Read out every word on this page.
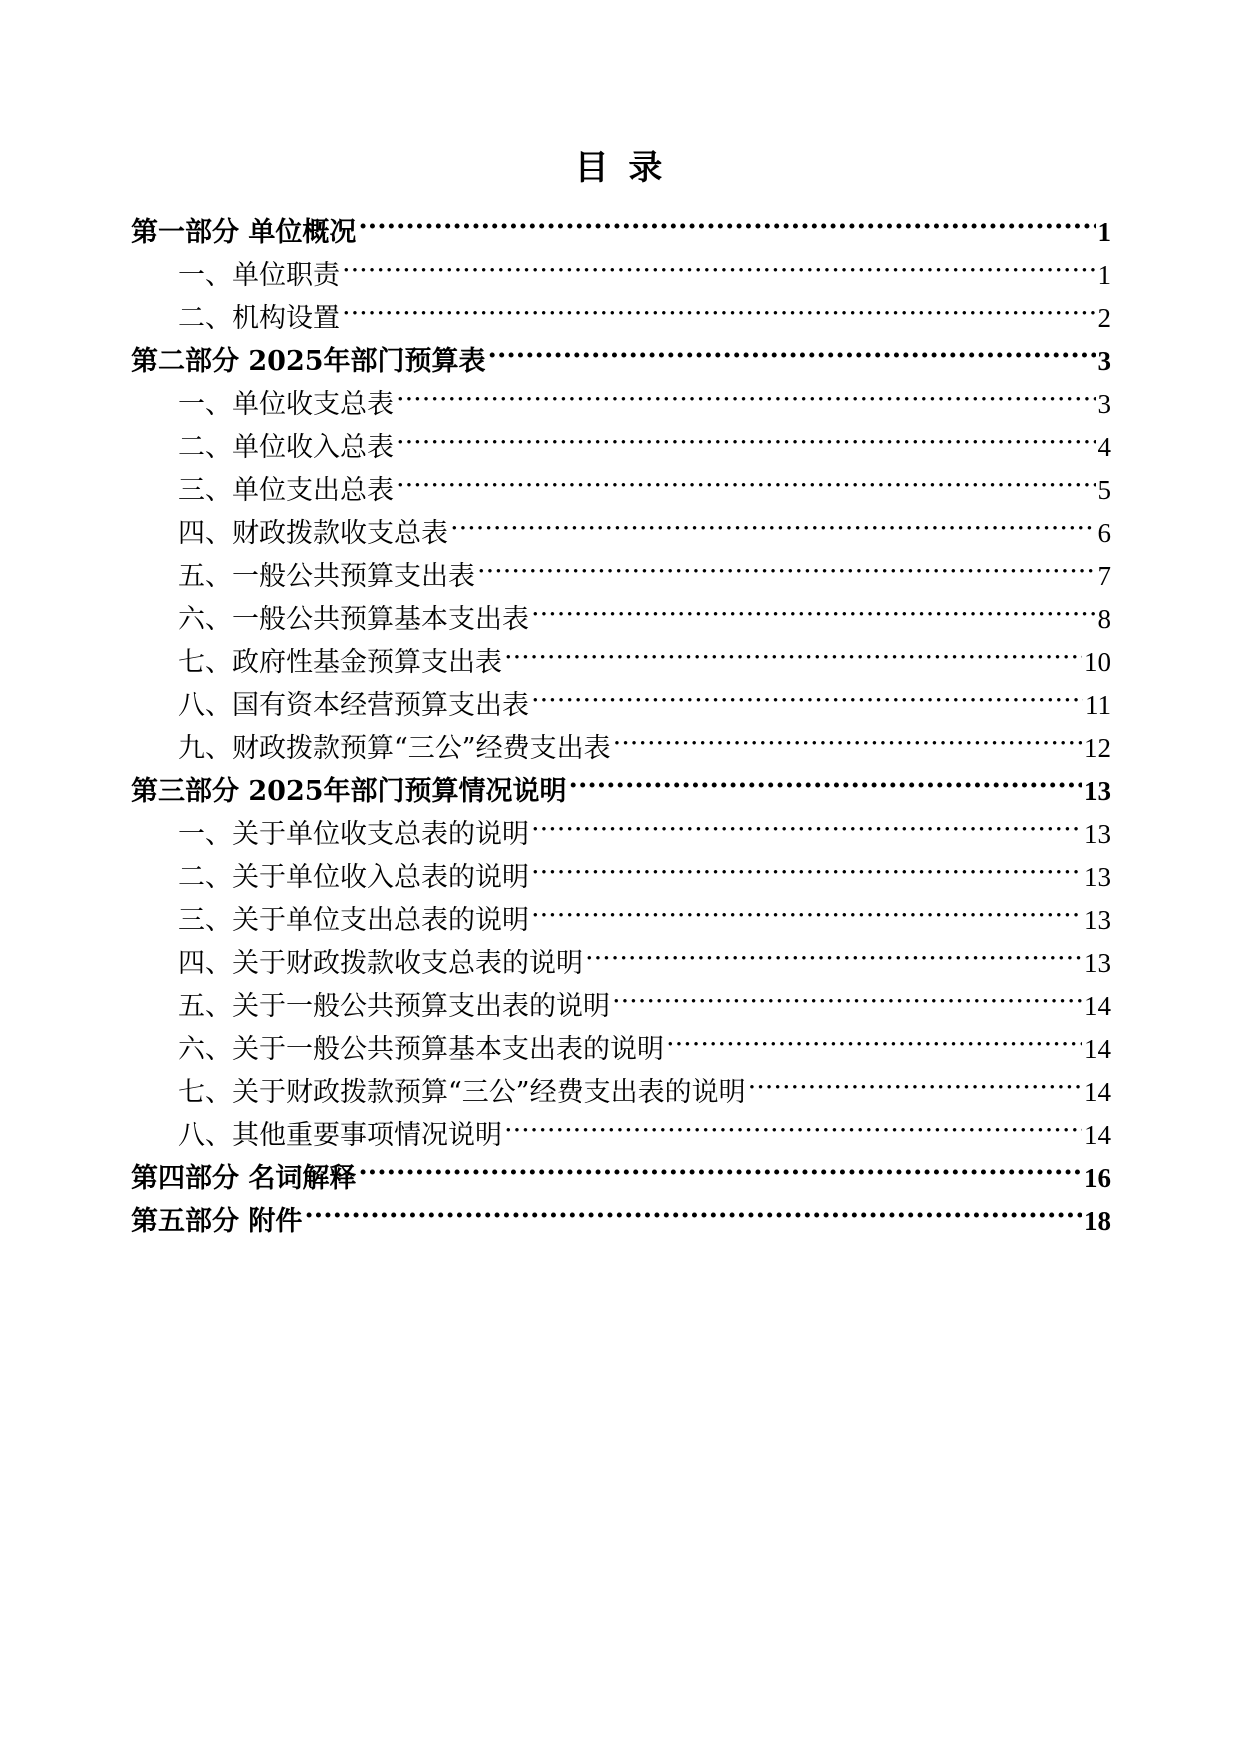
目 录
第一部分 单位概况 .....	1
一、单位职责 .....	1
二、机构设置 .....	2
第二部分 2025年部门预算表 .....	3
一、单位收支总表 .....	3
二、单位收入总表 .....	4
三、单位支出总表 .....	5
四、财政拨款收支总表 .....	6
五、一般公共预算支出表 .....	7
六、一般公共预算基本支出表 .....	8
七、政府性基金预算支出表 .....	10
八、国有资本经营预算支出表 .....	11
九、财政拨款预算“三公”经费支出表 .....	12
第三部分 2025年部门预算情况说明 .....	13
一、关于单位收支总表的说明 .....	13
二、关于单位收入总表的说明 .....	13
三、关于单位支出总表的说明 .....	13
四、关于财政拨款收支总表的说明 .....	13
五、关于一般公共预算支出表的说明 .....	14
六、关于一般公共预算基本支出表的说明 .....	14
七、关于财政拨款预算“三公”经费支出表的说明 .....	14
八、其他重要事项情况说明 .....	14
第四部分 名词解释 .....	16
第五部分 附件 .....	18
